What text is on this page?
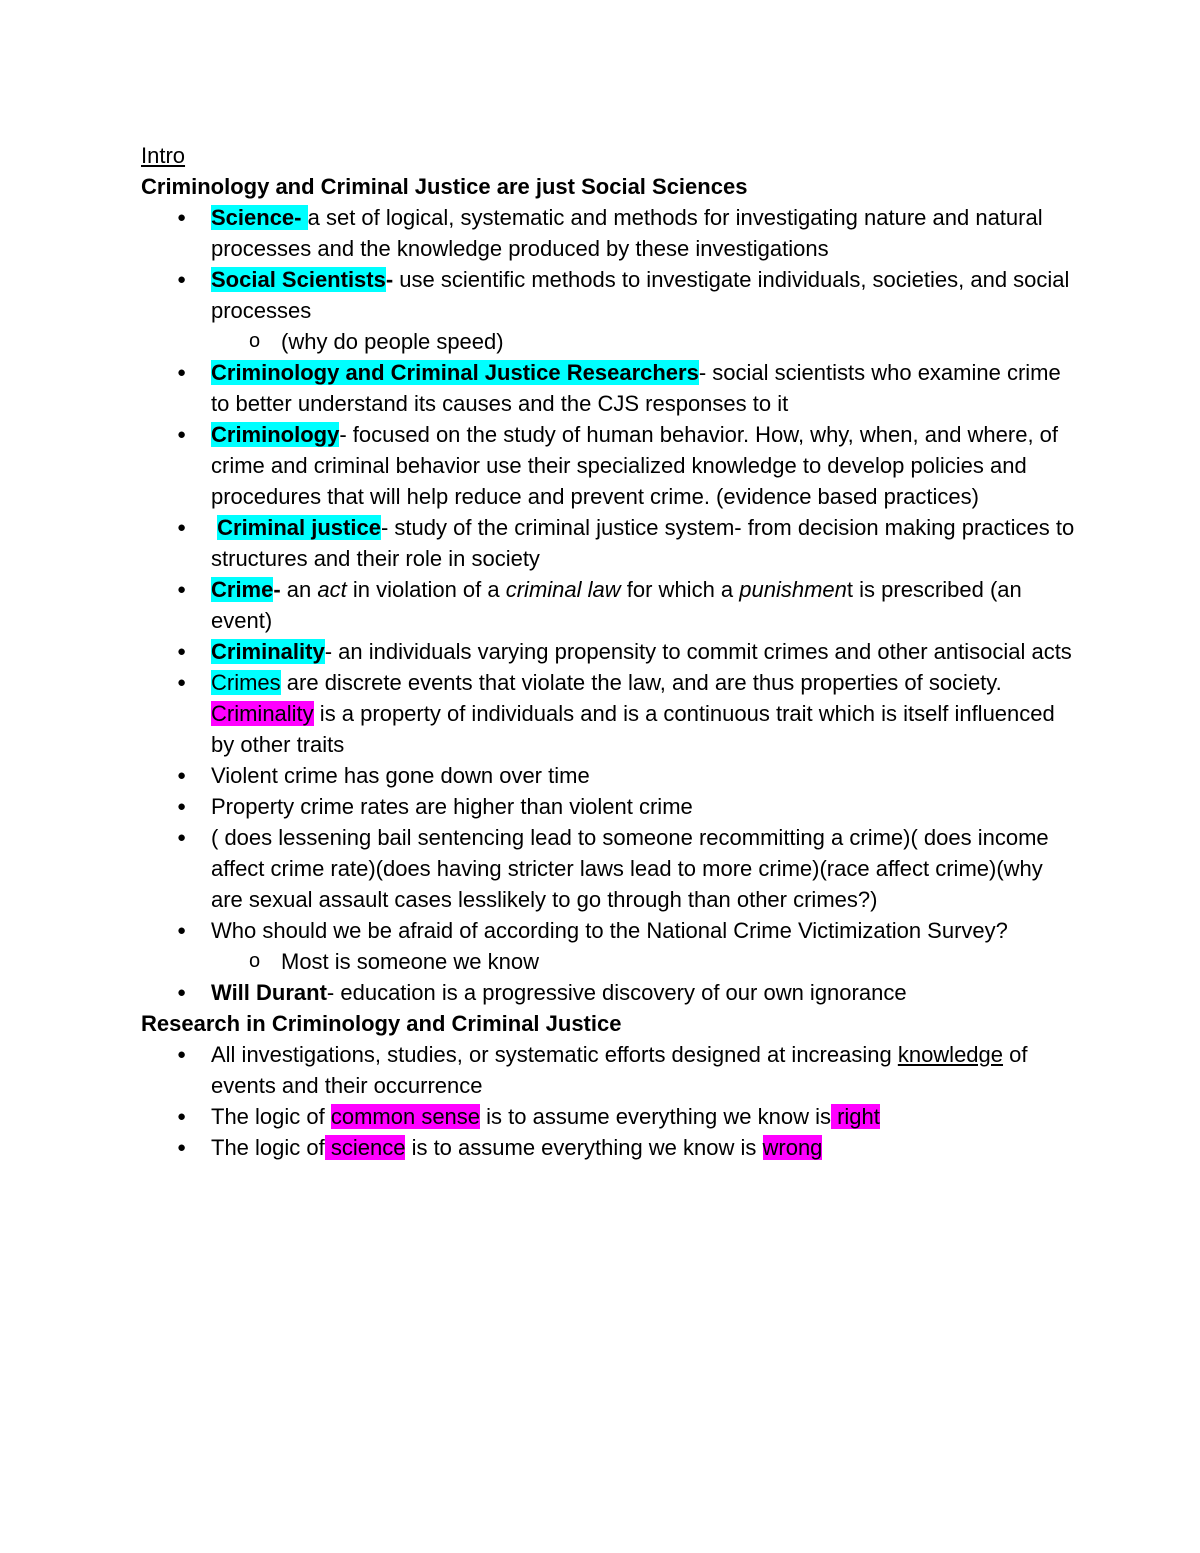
Intro

Criminology and Criminal Justice are just Social Sciences

● Science- a set of logical, systematic and methods for investigating nature and natural processes and the knowledge produced by these investigations
● Social Scientists- use scientific methods to investigate individuals, societies, and social processes
o (why do people speed)
● Criminology and Criminal Justice Researchers- social scientists who examine crime to better understand its causes and the CJS responses to it
● Criminology- focused on the study of human behavior. How, why, when, and where, of crime and criminal behavior use their specialized knowledge to develop policies and procedures that will help reduce and prevent crime. (evidence based practices)
● Criminal justice- study of the criminal justice system- from decision making practices to structures and their role in society
● Crime- an act in violation of a criminal law for which a punishment is prescribed (an event)
● Criminality- an individuals varying propensity to commit crimes and other antisocial acts
● Crimes are discrete events that violate the law, and are thus properties of society. Criminality is a property of individuals and is a continuous trait which is itself influenced by other traits
● Violent crime has gone down over time
● Property crime rates are higher than violent crime
● ( does lessening bail sentencing lead to someone recommitting a crime)( does income affect crime rate)(does having stricter laws lead to more crime)(race affect crime)(why are sexual assault cases lesslikely to go through than other crimes?)
● Who should we be afraid of according to the National Crime Victimization Survey?
o Most is someone we know
● Will Durant- education is a progressive discovery of our own ignorance

Research in Criminology and Criminal Justice

● All investigations, studies, or systematic efforts designed at increasing knowledge of events and their occurrence
● The logic of common sense is to assume everything we know is right
● The logic of science is to assume everything we know is wrong
